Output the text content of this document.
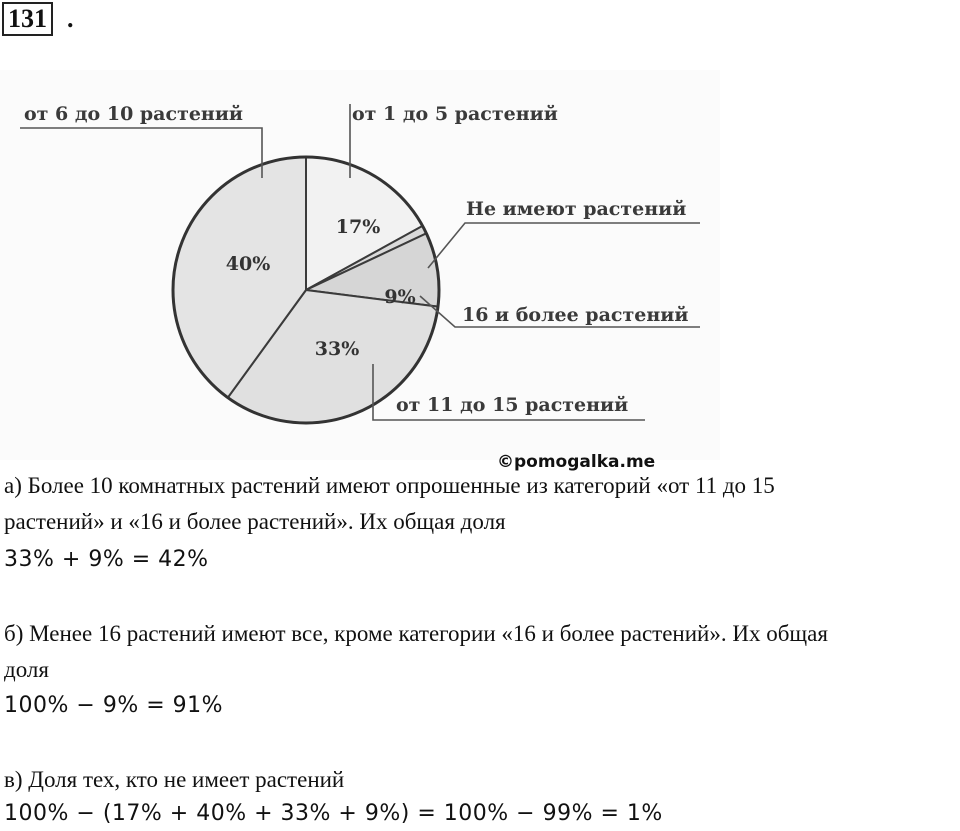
131 .
17%
9%
33%
40%
от 1 до 5 растений
Не имеют растений
16 и более растений
от 11 до 15 растений
от 6 до 10 растений
©pomogalka.me
а) Более 10 комнатных растений имеют опрошенные из категорий «от 11 до 15
растений» и «16 и более растений». Их общая доля
33% + 9% = 42%
б) Менее 16 растений имеют все, кроме категории «16 и более растений». Их общая
доля
100% − 9% = 91%
в) Доля тех, кто не имеет растений
100% − (17% + 40% + 33% + 9%) = 100% − 99% = 1%
